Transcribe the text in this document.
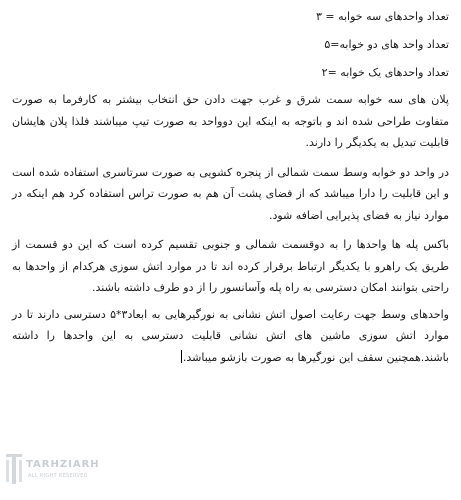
تعداد واحدهای سه خوابه = ۳
تعداد واحد های دو خوابه=۵
تعداد واحدهای یک خوابه =۲

پلان های سه خوابه سمت شرق و غرب جهت دادن حق انتخاب بیشتر به کارفرما به صورت متفاوت طراحی شده اند و باتوجه به اینکه این دوواحد به صورت تیپ میباشند فلذا پلان هایشان قابلیت تبدیل به یکدیگر را دارند.

در واحد دو خوابه وسط سمت شمالی از پنجره کشویی به صورت سرتاسری استفاده شده است و این قابلیت را دارا میباشد که از فضای پشت آن هم به صورت تراس استفاده کرد هم اینکه در موارد نیاز به فضای پذیرایی اضافه شود.

باکس پله ها واحدها را به دوقسمت شمالی و جنوبی تقسیم کرده است که این دو قسمت از طریق یک راهرو با یکدیگر ارتباط برقرار کرده اند تا در موارد اتش سوزی هرکدام از واحدها به راحتی بتوانند امکان دسترسی به راه پله وآسانسور را از دو طرف داشته باشند.

واحدهای وسط جهت رعایت اصول اتش نشانی به نورگیرهایی به ابعاد۳*۵ دسترسی دارند تا در موارد اتش سوزی ماشین های اتش نشانی قابلیت دسترسی به این واحدها را داشته باشند.همچنین سقف این نورگیرها به صورت بازشو میباشد.

TARHZIARH
ALL RIGHT RESERVED
